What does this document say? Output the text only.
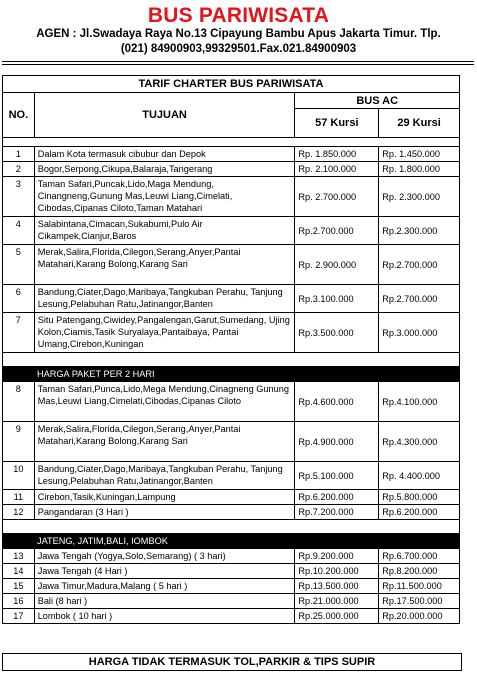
BUS PARIWISATA
AGEN : Jl.Swadaya Raya No.13 Cipayung Bambu Apus Jakarta Timur. Tlp.
(021) 84900903,99329501.Fax.021.84900903
TARIF CHARTER BUS PARIWISATA			
NO.	TUJUAN	BUS AC	
		57 Kursi	29 Kursi

1	Dalam Kota termasuk cibubur dan Depok	Rp. 1.850.000	Rp. 1.450.000
2	Bogor,Serpong,Cikupa,Balaraja,Tangerang	Rp. 2.100.000	Rp. 1.800.000
3	Taman Safari,Puncak,Lido,Maga Mendung, Cinangneng,Gunung Mas,Leuwi Liang,Cimelati, Cibodas,Cipanas Ciloto,Taman Matahari	Rp. 2.700.000	Rp. 2.300.000
4	Salabintana,Cimacan,Sukabumi,Pulo Air Cikampek,Cianjur,Baros	Rp.2.700.000	Rp.2.300.000
5	Merak,Salira,Florida,Cilegon,Serang,Anyer,Pantai Matahari,Karang Bolong,Karang Sari	Rp. 2.900.000	Rp.2.700.000
6	Bandung,Ciater,Dago,Maribaya,Tangkuban Perahu, Tanjung Lesung,Pelabuhan Ratu,Jatinangor,Banten	Rp.3.100.000	Rp.2.700.000
7	Situ Patengang,Ciwidey,Pangalengan,Garut,Sumedang, Ujing Kolon,Ciamis,Tasik Suryalaya,Pantaibaya, Pantai Umang,Cirebon,Kuningan	Rp.3.500.000	Rp.3.000.000

HARGA PAKET PER 2 HARI			
8	Taman Safari,Punca,Lido,Mega Mendung,Cinagneng Gunung Mas,Leuwi Liang,Cimelati,Cibodas,Cipanas Ciloto	Rp.4.600.000	Rp.4.100.000
9	Merak,Salira,Florida,Cilegon,Serang,Anyer,Pantai Matahari,Karang Bolong,Karang Sari	Rp.4.900.000	Rp.4.300.000
10	Bandung,Ciater,Dago,Maribaya,Tangkuban Perahu, Tanjung Lesung,Pelabuhan Ratu,Jatinangor,Banten	Rp.5.100.000	Rp. 4.400.000
11	Cirebon,Tasik,Kuningan,Lampung	Rp.6.200.000	Rp.5.800.000
12	Pangandaran (3 Hari )	Rp.7.200.000	Rp.6.200.000

JATENG, JATIM,BALI, IOMBOK			
13	Jawa Tengah (Yogya,Solo,Semarang) ( 3 hari)	Rp.9.200.000	Rp.6.700.000
14	Jawa Tengah (4 Hari )	Rp.10.200.000	Rp.8.200.000
15	Jawa Timur,Madura,Malang ( 5 hari )	Rp.13.500.000	Rp.11.500.000
16	Bali (8 hari )	Rp.21.000.000	Rp.17.500.000
17	Lombok ( 10 hari )	Rp.25.000.000	Rp.20.000.000
HARGA TIDAK TERMASUK TOL,PARKIR & TIPS SUPIR
